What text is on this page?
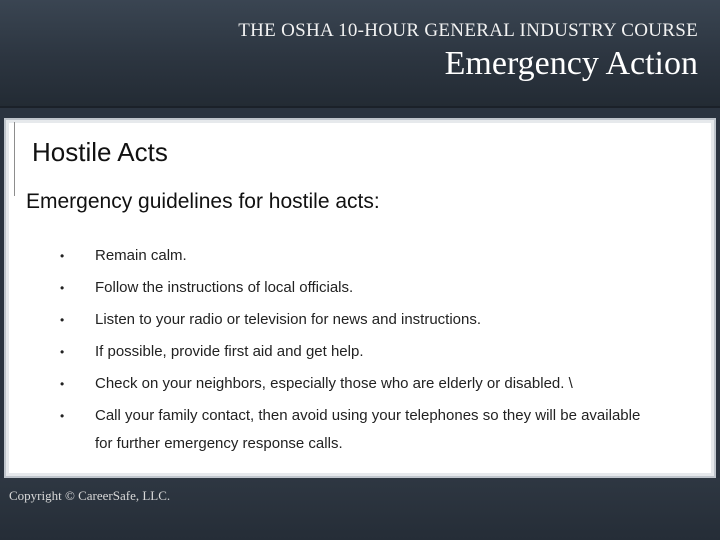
THE OSHA 10-HOUR GENERAL INDUSTRY COURSE
Emergency Action
Hostile Acts
Emergency guidelines for hostile acts:
• Remain calm.
• Follow the instructions of local officials.
• Listen to your radio or television for news and instructions.
• If possible, provide first aid and get help.
• Check on your neighbors, especially those who are elderly or disabled. \
• Call your family contact, then avoid using your telephones so they will be available for further emergency response calls.
Copyright © CareerSafe, LLC.
